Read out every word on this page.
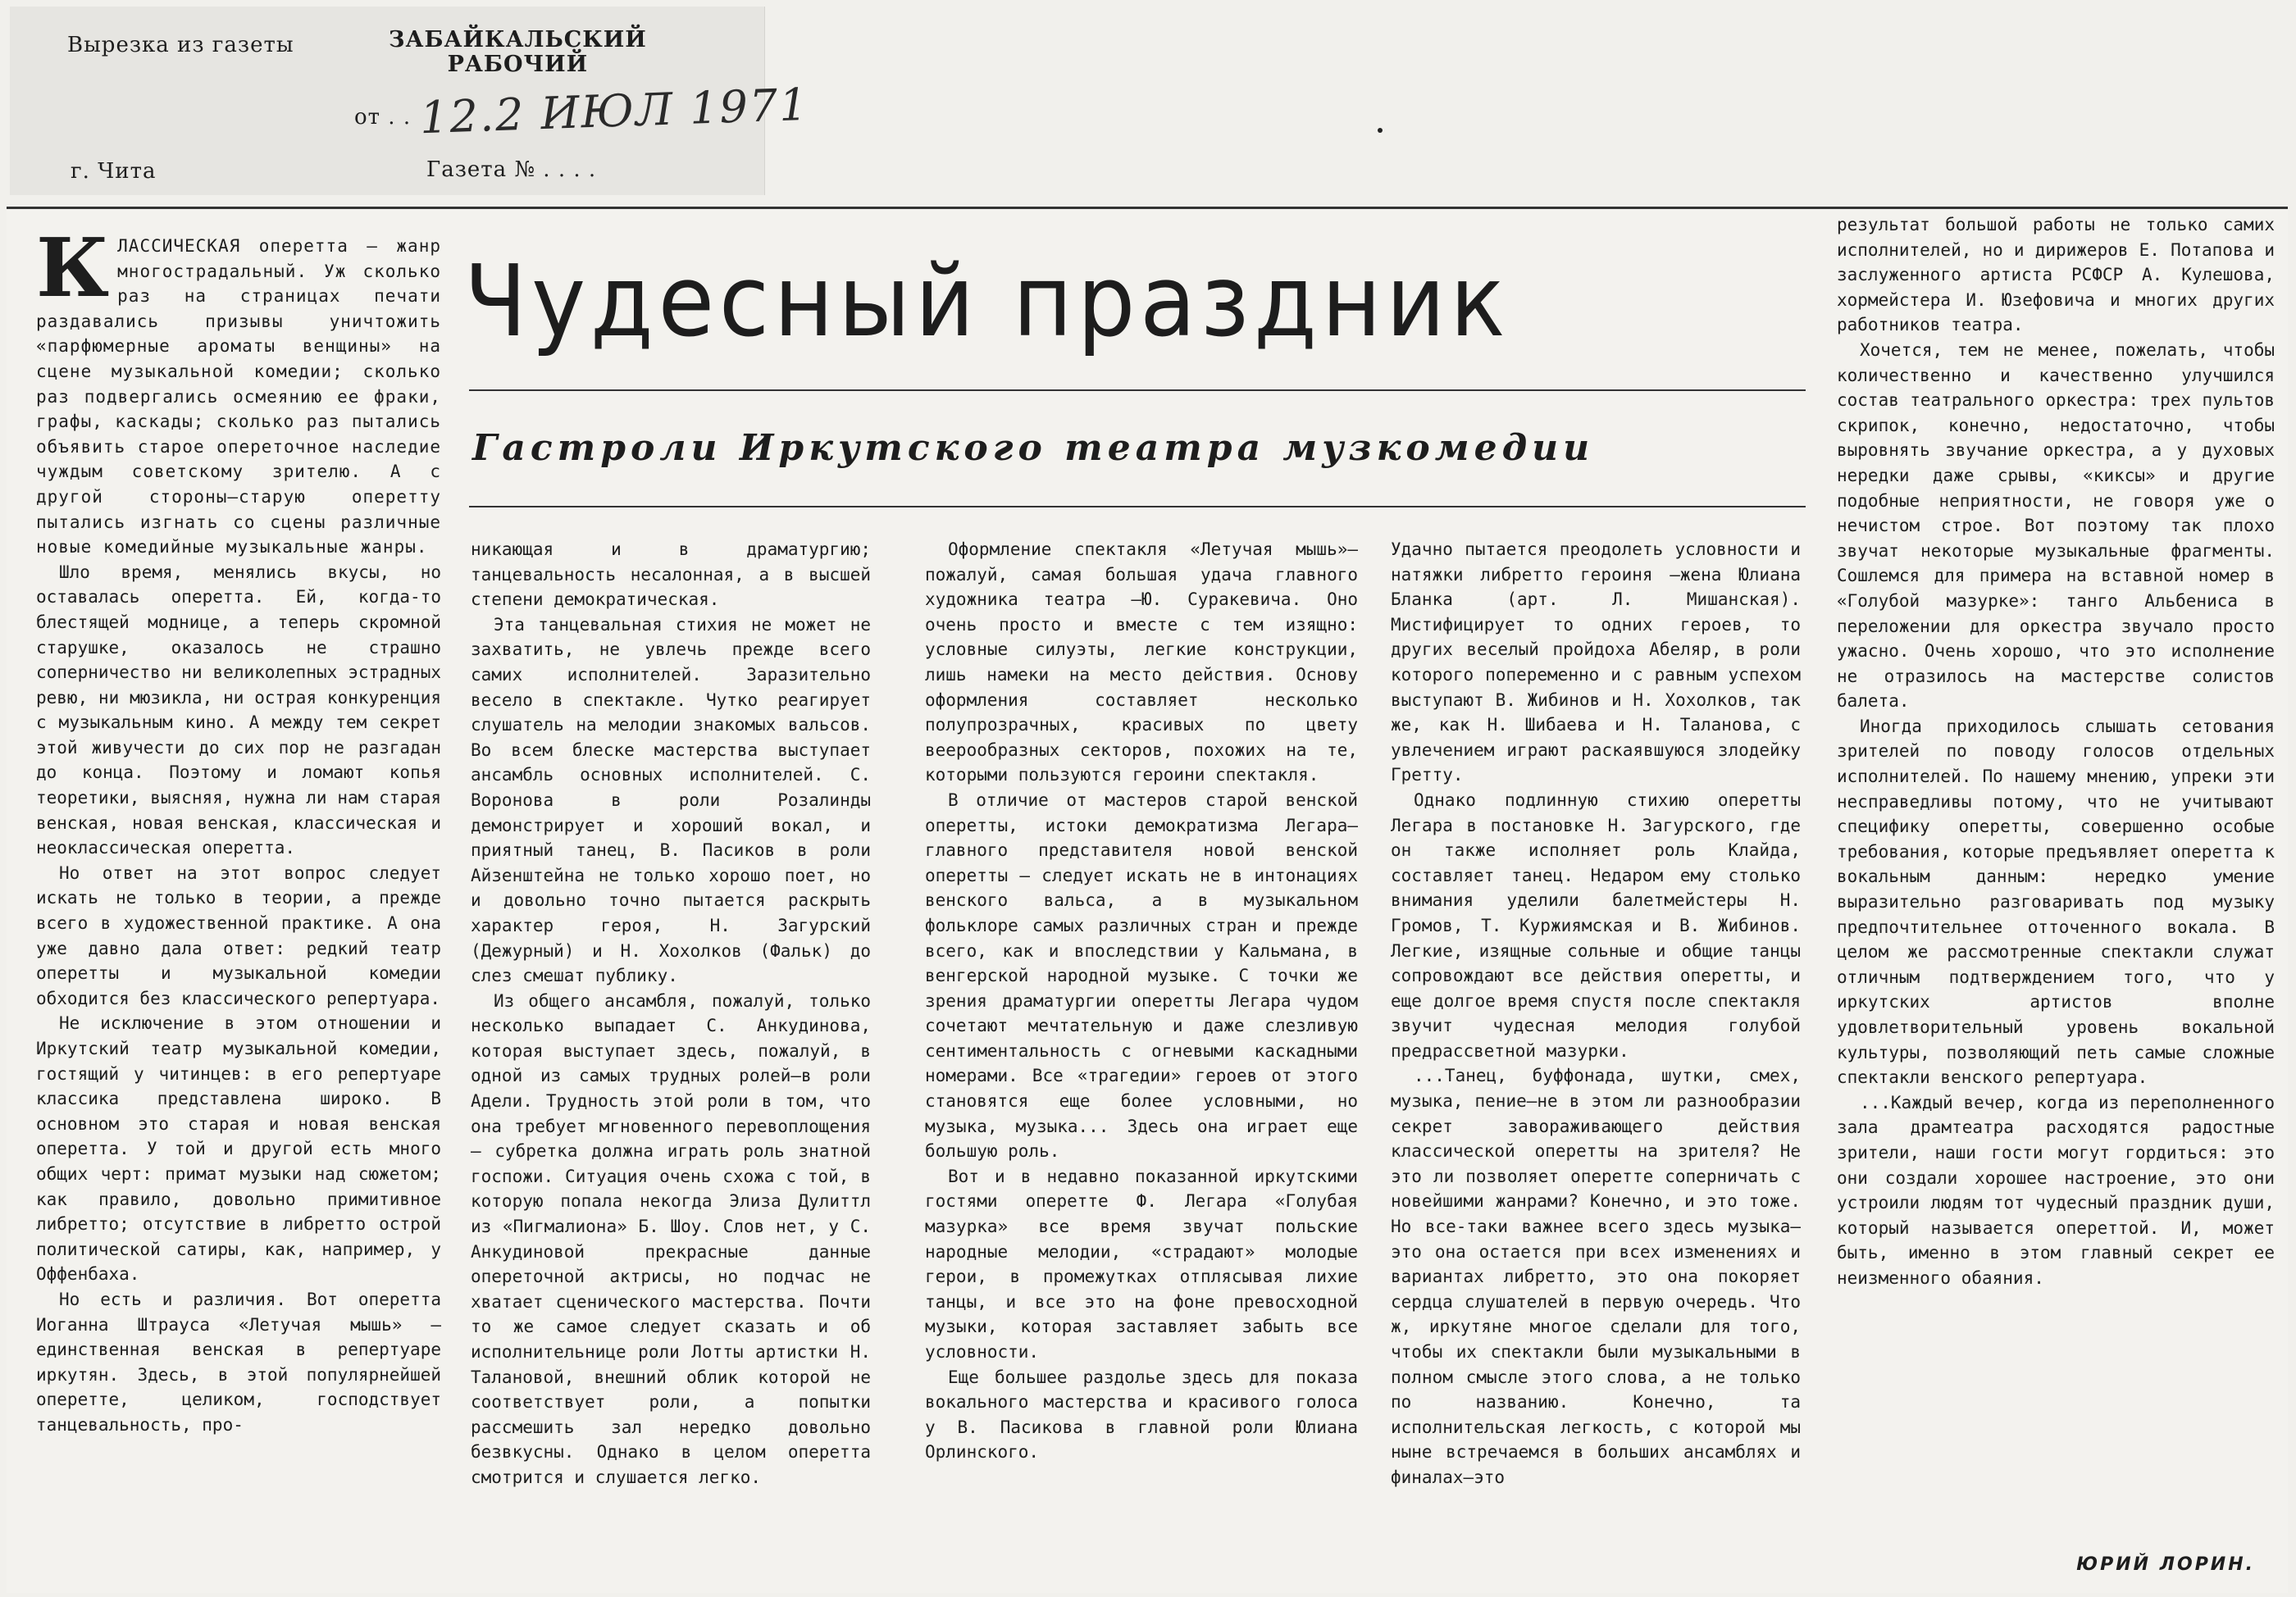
Вырезка из газеты	ЗАБАЙКАЛЬСКИЙ
РАБОЧИЙ
от . . 12.2 ИЮЛ 1971
г. Чита	Газета № . . . .

КЛАССИЧЕСКАЯ оперетта — жанр многострадальный. Уж сколько раз на страницах печати раздавались призывы уничтожить «парфюмерные ароматы венщины» на сцене музыкальной комедии; сколько раз подвергались осмеянию ее фраки, графы, каскады; сколько раз пытались объявить старое опереточное наследие чуждым советскому зрителю. А с другой стороны—старую оперетту пытались изгнать со сцены различные новые комедийные музыкальные жанры.

Шло время, менялись вкусы, но оставалась оперетта. Ей, когда-то блестящей моднице, а теперь скромной старушке, оказалось не страшно соперничество ни великолепных эстрадных ревю, ни мюзикла, ни острая конкуренция с музыкальным кино. А между тем секрет этой живучести до сих пор не разгадан до конца. Поэтому и ломают копья теоретики, выясняя, нужна ли нам старая венская, новая венская, классическая и неоклассическая оперетта.

Но ответ на этот вопрос следует искать не только в теории, а прежде всего в художественной практике. А она уже давно дала ответ: редкий театр оперетты и музыкальной комедии обходится без классического репертуара.

Не исключение в этом отношении и Иркутский театр музыкальной комедии, гостящий у читинцев: в его репертуаре классика представлена широко. В основном это старая и новая венская оперетта. У той и другой есть много общих черт: примат музыки над сюжетом; как правило, довольно примитивное либретто; отсутствие в либретто острой политической сатиры, как, например, у Оффенбаха.

Но есть и различия. Вот оперетта Иоганна Штрауса «Летучая мышь» —единственная венская в репертуаре иркутян. Здесь, в этой популярнейшей оперетте, целиком, господствует танцевальность, про-

Чудесный праздник
Гастроли Иркутского театра музкомедии

никающая и в драматургию; танцевальность несалонная, а в высшей степени демократическая.

Эта танцевальная стихия не может не захватить, не увлечь прежде всего самих исполнителей. Заразительно весело в спектакле. Чутко реагирует слушатель на мелодии знакомых вальсов. Во всем блеске мастерства выступает ансамбль основных исполнителей. С. Воронова в роли Розалинды демонстрирует и хороший вокал, и приятный танец, В. Пасиков в роли Айзенштейна не только хорошо поет, но и довольно точно пытается раскрыть характер героя, Н. Загурский (Дежурный) и Н. Хохолков (Фальк) до слез смешат публику.

Из общего ансамбля, пожалуй, только несколько выпадает С. Анкудинова, которая выступает здесь, пожалуй, в одной из самых трудных ролей—в роли Адели. Трудность этой роли в том, что она требует мгновенного перевоплощения — субретка должна играть роль знатной госпожи. Ситуация очень схожа с той, в которую попала некогда Элиза Дулиттл из «Пигмалиона» Б. Шоу. Слов нет, у С. Анкудиновой прекрасные данные опереточной актрисы, но подчас не хватает сценического мастерства. Почти то же самое следует сказать и об исполнительнице роли Лотты артистки Н. Талановой, внешний облик которой не соответствует роли, а попытки рассмешить зал нередко довольно безвкусны. Однако в целом оперетта смотрится и слушается легко.

Оформление спектакля «Летучая мышь»—пожалуй, самая большая удача главного художника театра —Ю. Суракевича. Оно очень просто и вместе с тем изящно: условные силуэты, легкие конструкции, лишь намеки на место действия. Основу оформления составляет несколько полупрозрачных, красивых по цвету веерообразных секторов, похожих на те, которыми пользуются героини спектакля.

В отличие от мастеров старой венской оперетты, истоки демократизма Легара—главного представителя новой венской оперетты — следует искать не в интонациях венского вальса, а в музыкальном фольклоре самых различных стран и прежде всего, как и впоследствии у Кальмана, в венгерской народной музыке. С точки же зрения драматургии оперетты Легара чудом сочетают мечтательную и даже слезливую сентиментальность с огневыми каскадными номерами. Все «трагедии» героев от этого становятся еще более условными, но музыка, музыка... Здесь она играет еще большую роль.

Вот и в недавно показанной иркутскими гостями оперетте Ф. Легара «Голубая мазурка» все время звучат польские народные мелодии, «страдают» молодые герои, в промежутках отплясывая лихие танцы, и все это на фоне превосходной музыки, которая заставляет забыть все условности.

Еще большее раздолье здесь для показа вокального мастерства и красивого голоса у В. Пасикова в главной роли Юлиана Орлинского.

Удачно пытается преодолеть условности и натяжки либретто героиня —жена Юлиана Бланка (арт. Л. Мишанская). Мистифицирует то одних героев, то других веселый пройдоха Абеляр, в роли которого попеременно и с равным успехом выступают В. Жибинов и Н. Хохолков, так же, как Н. Шибаева и Н. Таланова, с увлечением играют раскаявшуюся злодейку Гретту.

Однако подлинную стихию оперетты Легара в постановке Н. Загурского, где он также исполняет роль Клайда, составляет танец. Недаром ему столько внимания уделили балетмейстеры Н. Громов, Т. Куржиямская и В. Жибинов. Легкие, изящные сольные и общие танцы сопровождают все действия оперетты, и еще долгое время спустя после спектакля звучит чудесная мелодия голубой предрассветной мазурки.

...Танец, буффонада, шутки, смех, музыка, пение—не в этом ли разнообразии секрет завораживающего действия классической оперетты на зрителя? Не это ли позволяет оперетте соперничать с новейшими жанрами? Конечно, и это тоже. Но все-таки важнее всего здесь музыка—это она остается при всех изменениях и вариантах либретто, это она покоряет сердца слушателей в первую очередь. Что ж, иркутяне многое сделали для того, чтобы их спектакли были музыкальными в полном смысле этого слова, а не только по названию. Конечно, та исполнительская легкость, с которой мы ныне встречаемся в больших ансамблях и финалах—это

результат большой работы не только самих исполнителей, но и дирижеров Е. Потапова и заслуженного артиста РСФСР А. Кулешова, хормейстера И. Юзефовича и многих других работников театра.

Хочется, тем не менее, пожелать, чтобы количественно и качественно улучшился состав театрального оркестра: трех пультов скрипок, конечно, недостаточно, чтобы выровнять звучание оркестра, а у духовых нередки даже срывы, «киксы» и другие подобные неприятности, не говоря уже о нечистом строе. Вот поэтому так плохо звучат некоторые музыкальные фрагменты. Сошлемся для примера на вставной номер в «Голубой мазурке»: танго Альбениса в переложении для оркестра звучало просто ужасно. Очень хорошо, что это исполнение не отразилось на мастерстве солистов балета.

Иногда приходилось слышать сетования зрителей по поводу голосов отдельных исполнителей. По нашему мнению, упреки эти несправедливы потому, что не учитывают специфику оперетты, совершенно особые требования, которые предъявляет оперетта к вокальным данным: нередко умение выразительно разговаривать под музыку предпочтительнее отточенного вокала. В целом же рассмотренные спектакли служат отличным подтверждением того, что у иркутских артистов вполне удовлетворительный уровень вокальной культуры, позволяющий петь самые сложные спектакли венского репертуара.

...Каждый вечер, когда из переполненного зала драмтеатра расходятся радостные зрители, наши гости могут гордиться: это они создали хорошее настроение, это они устроили людям тот чудесный праздник души, который называется опереттой. И, может быть, именно в этом главный секрет ее неизменного обаяния.

ЮРИЙ ЛОРИН.
